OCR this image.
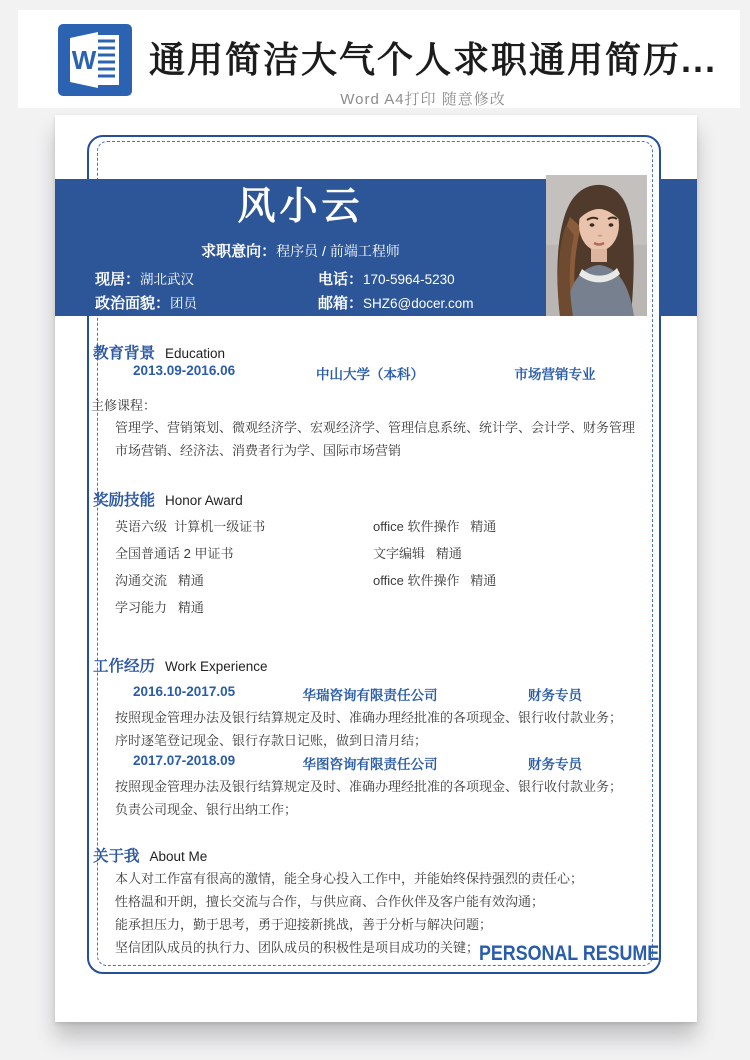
W	通用简洁大气个人求职通用简历...
Word A4打印 随意修改
风小云
求职意向：程序员 / 前端工程师
现居：湖北武汉	电话：170-5964-5230
政治面貌：团员	邮箱：SHZ6@docer.com
教育背景 Education
2013.09-2016.06	中山大学（本科）	市场营销专业
主修课程：
管理学、营销策划、微观经济学、宏观经济学、管理信息系统、统计学、会计学、财务管理
市场营销、经济法、消费者行为学、国际市场营销
奖励技能 Honor Award
英语六级  计算机一级证书	office 软件操作   精通
全国普通话 2 甲证书	文字编辑   精通
沟通交流   精通	office 软件操作   精通
学习能力   精通
工作经历 Work Experience
2016.10-2017.05	华瑞咨询有限责任公司	财务专员
按照现金管理办法及银行结算规定及时、准确办理经批准的各项现金、银行收付款业务；
序时逐笔登记现金、银行存款日记账，做到日清月结；
2017.07-2018.09	华图咨询有限责任公司	财务专员
按照现金管理办法及银行结算规定及时、准确办理经批准的各项现金、银行收付款业务；
负责公司现金、银行出纳工作；
关于我 About Me
本人对工作富有很高的激情，能全身心投入工作中，并能始终保持强烈的责任心；
性格温和开朗，擅长交流与合作，与供应商、合作伙伴及客户能有效沟通；
能承担压力，勤于思考，勇于迎接新挑战，善于分析与解决问题；
坚信团队成员的执行力、团队成员的积极性是项目成功的关键； PERSONAL RESUME
